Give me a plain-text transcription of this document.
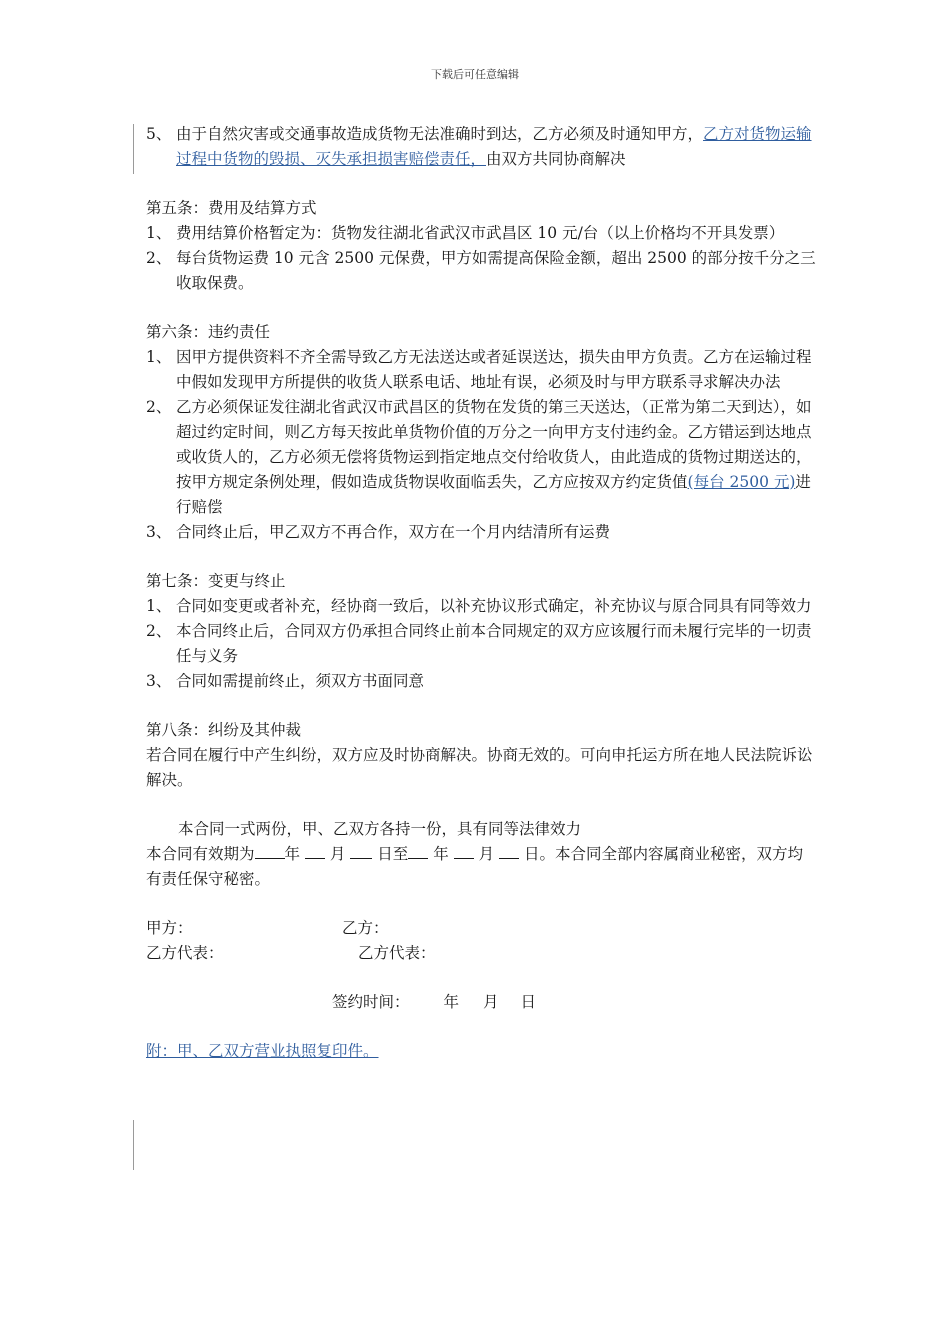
下载后可任意编辑
5、 由于自然灾害或交通事故造成货物无法准确时到达，乙方必须及时通知甲方，乙方对货物运输过程中货物的毁损、灭失承担损害赔偿责任，由双方共同协商解决

第五条：费用及结算方式

1、 费用结算价格暂定为：货物发往湖北省武汉市武昌区 10 元/台（以上价格均不开具发票）
2、 每台货物运费 10 元含 2500 元保费，甲方如需提高保险金额，超出 2500 的部分按千分之三收取保费。

第六条：违约责任

1、 因甲方提供资料不齐全需导致乙方无法送达或者延误送达，损失由甲方负责。乙方在运输过程中假如发现甲方所提供的收货人联系电话、地址有误，必须及时与甲方联系寻求解决办法
2、 乙方必须保证发往湖北省武汉市武昌区的货物在发货的第三天送达，（正常为第二天到达），如超过约定时间，则乙方每天按此单货物价值的万分之一向甲方支付违约金。乙方错运到达地点或收货人的，乙方必须无偿将货物运到指定地点交付给收货人，由此造成的货物过期送达的，按甲方规定条例处理，假如造成货物误收面临丢失，乙方应按双方约定货值(每台 2500 元)进行赔偿
3、 合同终止后，甲乙双方不再合作，双方在一个月内结清所有运费

第七条：变更与终止

1、 合同如变更或者补充，经协商一致后，以补充协议形式确定，补充协议与原合同具有同等效力
2、 本合同终止后，合同双方仍承担合同终止前本合同规定的双方应该履行而未履行完毕的一切责任与义务
3、 合同如需提前终止，须双方书面同意

第八条：纠纷及其仲裁

若合同在履行中产生纠纷，双方应及时协商解决。协商无效的。可向申托运方所在地人民法院诉讼解决。

本合同一式两份，甲、乙双方各持一份，具有同等法律效力

本合同有效期为 年 月 日至 年 月 日。本合同全部内容属商业秘密，双方均有责任保守秘密。

甲方：	乙方：
乙方代表：	乙方代表：

签约时间： 年 月 日

附：甲、乙双方营业执照复印件。
